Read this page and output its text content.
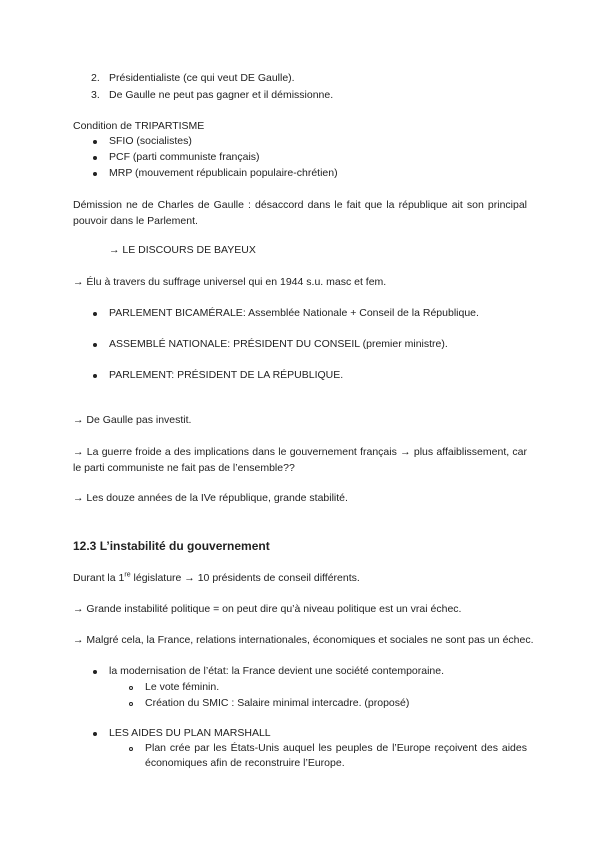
2. Présidentialiste (ce qui veut DE Gaulle).
3. De Gaulle ne peut pas gagner et il démissionne.
Condition de TRIPARTISME
SFIO (socialistes)
PCF (parti communiste français)
MRP (mouvement républicain populaire-chrétien)
Démission ne de Charles de Gaulle : désaccord dans le fait que la république ait son principal pouvoir dans le Parlement.
→ LE DISCOURS DE BAYEUX
→ Élu à travers du suffrage universel qui en 1944 s.u. masc et fem.
PARLEMENT BICAMÉRALE: Assemblée Nationale + Conseil de la République.
ASSEMBLÉ NATIONALE: PRÉSIDENT DU CONSEIL (premier ministre).
PARLEMENT: PRÉSIDENT DE LA RÉPUBLIQUE.
→ De Gaulle pas investit.
→ La guerre froide a des implications dans le gouvernement français → plus affaiblissement, car le parti communiste ne fait pas de l’ensemble??
→ Les douze années de la IVe république, grande stabilité.
12.3 L’instabilité du gouvernement
Durant la 1re législature → 10 présidents de conseil différents.
→ Grande instabilité politique = on peut dire qu’à niveau politique est un vrai échec.
→ Malgré cela, la France, relations internationales, économiques et sociales ne sont pas un échec.
la modernisation de l’état: la France devient une société contemporaine.
Le vote féminin.
Création du SMIC : Salaire minimal intercadre. (proposé)
LES AIDES DU PLAN MARSHALL
Plan crée par les États-Unis auquel les peuples de l’Europe reçoivent des aides économiques afin de reconstruire l’Europe.
